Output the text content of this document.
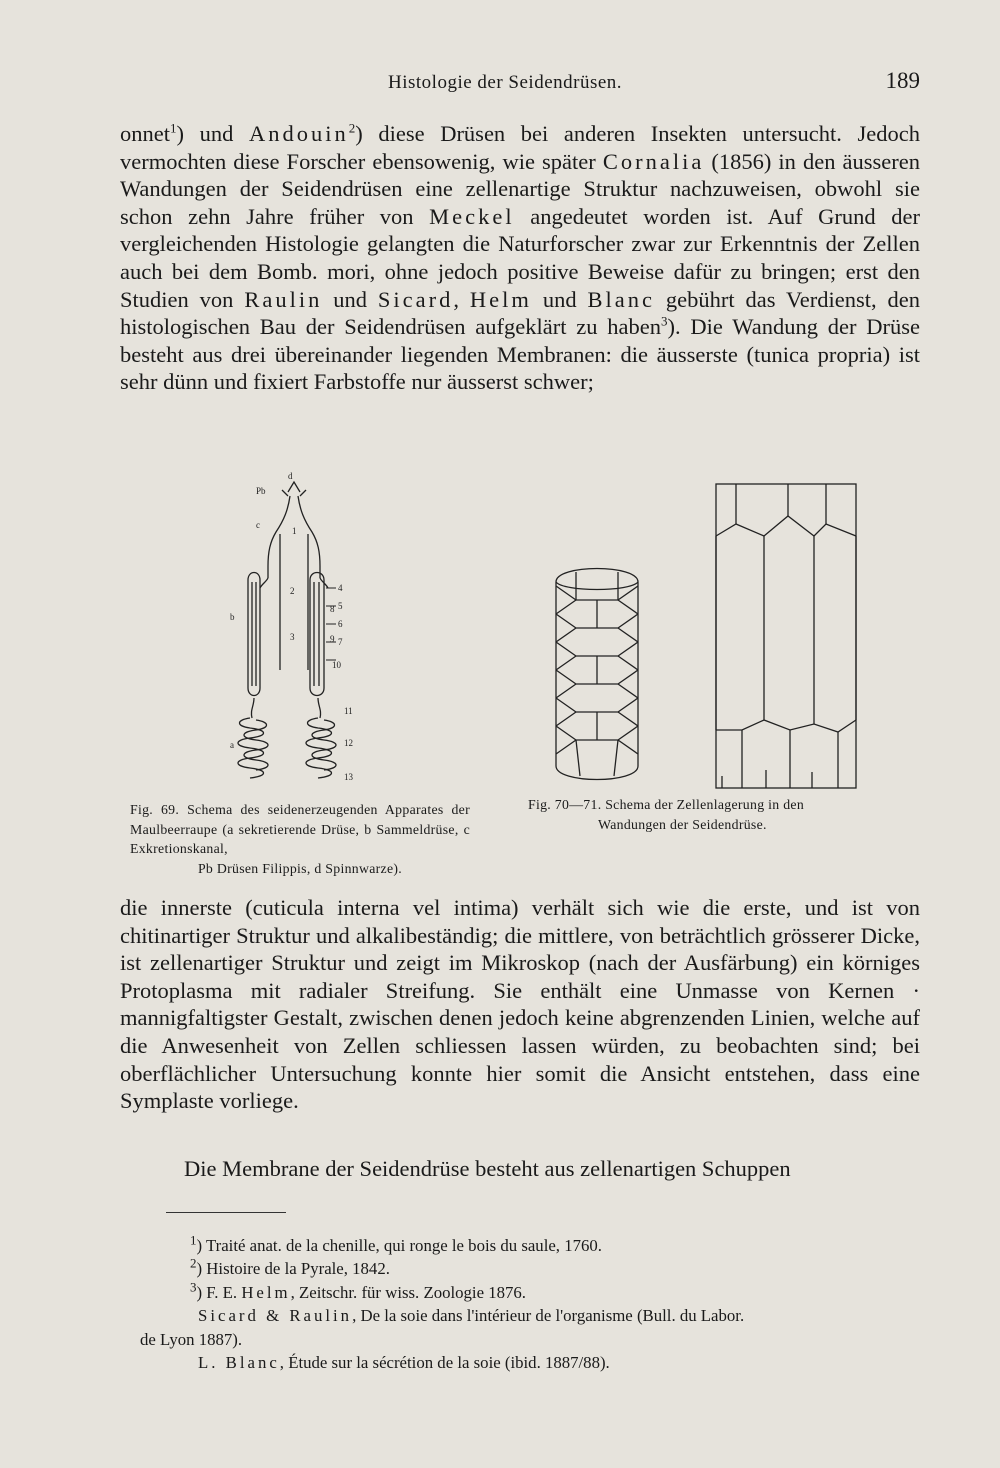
Histologie der Seidendrüsen.	189

onnet$^1$) und Andouin$^2$) diese Drüsen bei anderen Insekten untersucht. Jedoch vermochten diese Forscher ebensowenig, wie später Cornalia (1856) in den äusseren Wandungen der Seidendrüsen eine zellenartige Struktur nachzuweisen, obwohl sie schon zehn Jahre früher von Meckel angedeutet worden ist. Auf Grund der vergleichenden Histologie gelangten die Naturforscher zwar zur Erkenntnis der Zellen auch bei dem Bomb. mori, ohne jedoch positive Beweise dafür zu bringen; erst den Studien von Raulin und Sicard, Helm und Blanc gebührt das Verdienst, den histologischen Bau der Seidendrüsen aufgeklärt zu haben$^3$). Die Wandung der Drüse besteht aus drei übereinander liegenden Membranen: die äusserste (tunica propria) ist sehr dünn und fixiert Farbstoffe nur äusserst schwer;

d
Pb
c
1
2
3
b
4
5
6
7
8
9
10
11
a	12
13
Fig. 69. Schema des seidenerzeugenden Apparates der Maulbeerraupe (a sekretierende Drüse, b Sammeldrüse, c Exkretionskanal,
Pb Drüsen Filippis, d Spinnwarze).
Fig. 70—71. Schema der Zellenlagerung in den
Wandungen der Seidendrüse.

die innerste (cuticula interna vel intima) verhält sich wie die erste, und ist von chitinartiger Struktur und alkalibeständig; die mittlere, von beträchtlich grösserer Dicke, ist zellenartiger Struktur und zeigt im Mikroskop (nach der Ausfärbung) ein körniges Protoplasma mit radialer Streifung. Sie enthält eine Unmasse von Kernen · mannigfaltigster Gestalt, zwischen denen jedoch keine abgrenzenden Linien, welche auf die Anwesenheit von Zellen schliessen lassen würden, zu beobachten sind; bei oberflächlicher Untersuchung konnte hier somit die Ansicht entstehen, dass eine Symplaste vorliege.

Die Membrane der Seidendrüse besteht aus zellenartigen Schuppen

$^1$) Traité anat. de la chenille, qui ronge le bois du saule, 1760.

$^2$) Histoire de la Pyrale, 1842.

$^3$) F. E. Helm, Zeitschr. für wiss. Zoologie 1876.

Sicard & Raulin, De la soie dans l'intérieur de l'organisme (Bull. du Labor.

de Lyon 1887).

L. Blanc, Étude sur la sécrétion de la soie (ibid. 1887/88).
